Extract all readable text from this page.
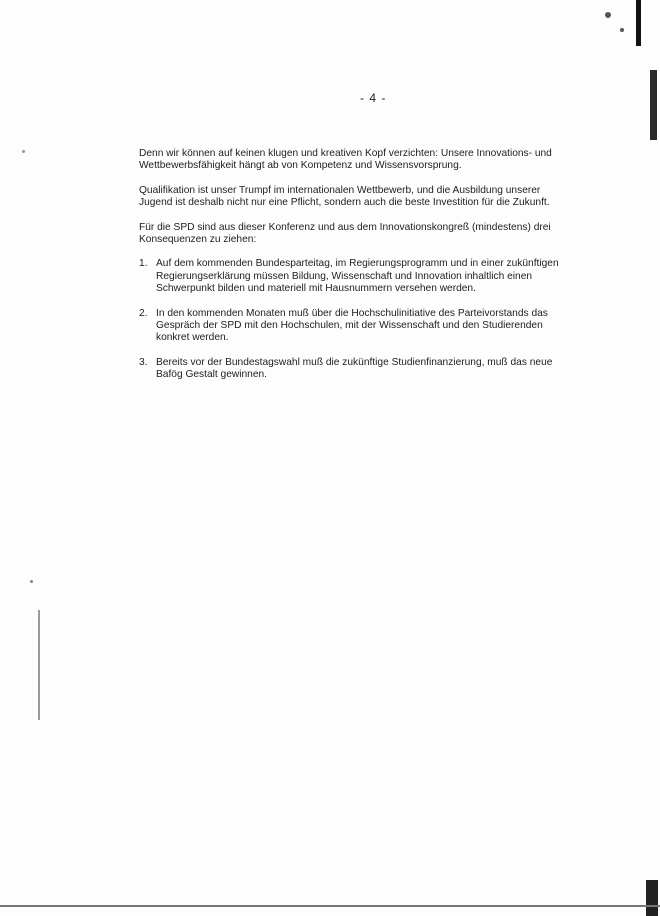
- 4 -

Denn wir können auf keinen klugen und kreativen Kopf verzichten: Unsere Innovations- und Wettbewerbsfähigkeit hängt ab von Kompetenz und Wissensvorsprung.

Qualifikation ist unser Trumpf im internationalen Wettbewerb, und die Ausbildung unserer Jugend ist deshalb nicht nur eine Pflicht, sondern auch die beste Investition für die Zukunft.

Für die SPD sind aus dieser Konferenz und aus dem Innovationskongreß (mindestens) drei Konsequenzen zu ziehen:

1. Auf dem kommenden Bundesparteitag, im Regierungsprogramm und in einer zukünftigen Regierungserklärung müssen Bildung, Wissenschaft und Innovation inhaltlich einen Schwerpunkt bilden und materiell mit Hausnummern versehen werden.
2. In den kommenden Monaten muß über die Hochschulinitiative des Parteivorstands das Gespräch der SPD mit den Hochschulen, mit der Wissenschaft und den Studierenden konkret werden.
3. Bereits vor der Bundestagswahl muß die zukünftige Studienfinanzierung, muß das neue Bafög Gestalt gewinnen.
